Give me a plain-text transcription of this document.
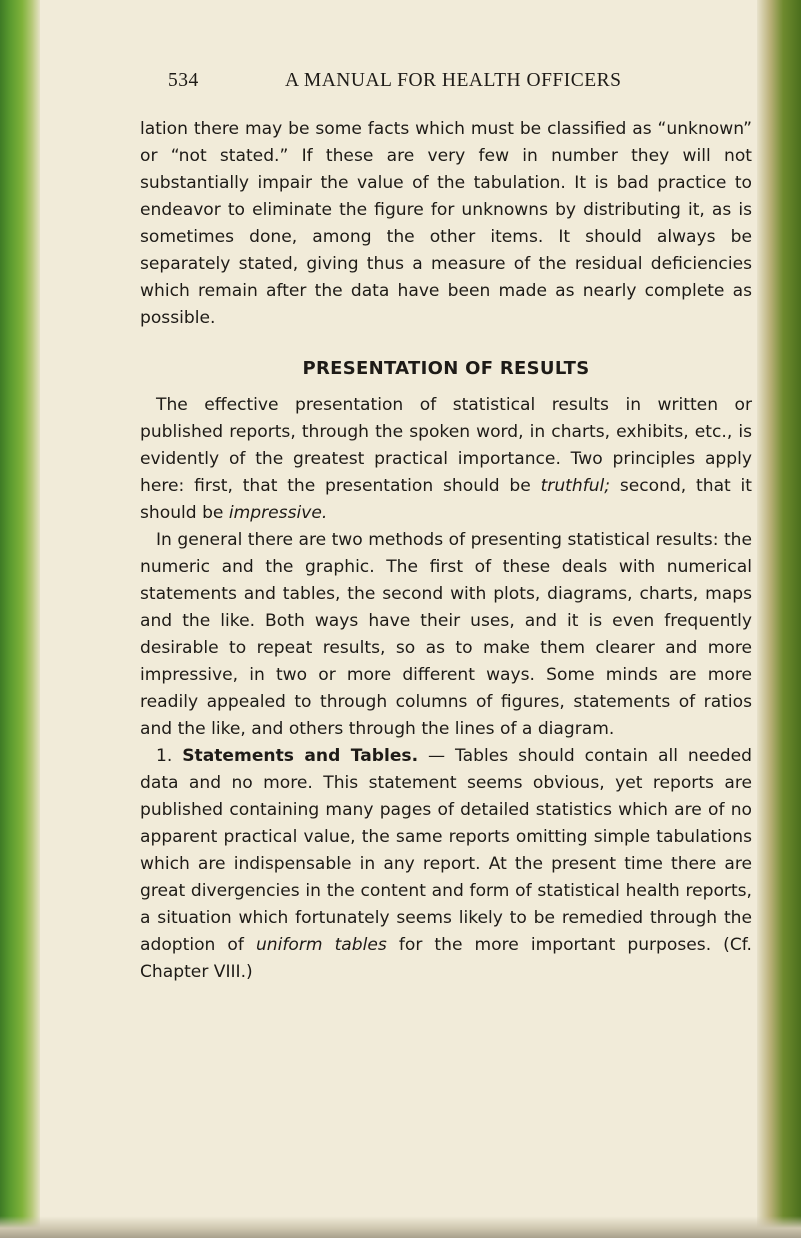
534	A MANUAL FOR HEALTH OFFICERS

lation there may be some facts which must be classified as “unknown” or “not stated.” If these are very few in number they will not substantially impair the value of the tabulation. It is bad practice to endeavor to eliminate the figure for unknowns by distributing it, as is sometimes done, among the other items. It should always be separately stated, giving thus a measure of the residual deficiencies which remain after the data have been made as nearly complete as possible.

PRESENTATION OF RESULTS

The effective presentation of statistical results in written or published reports, through the spoken word, in charts, exhibits, etc., is evidently of the greatest practical importance. Two principles apply here: first, that the presentation should be truthful; second, that it should be impressive.

In general there are two methods of presenting statistical results: the numeric and the graphic. The first of these deals with numerical statements and tables, the second with plots, diagrams, charts, maps and the like. Both ways have their uses, and it is even frequently desirable to repeat results, so as to make them clearer and more impressive, in two or more different ways. Some minds are more readily appealed to through columns of figures, statements of ratios and the like, and others through the lines of a diagram.

1. Statements and Tables. — Tables should contain all needed data and no more. This statement seems obvious, yet reports are published containing many pages of detailed statistics which are of no apparent practical value, the same reports omitting simple tabulations which are indispensable in any report. At the present time there are great divergencies in the content and form of statistical health reports, a situation which fortunately seems likely to be remedied through the adoption of uniform tables for the more important purposes. (Cf. Chapter VIII.)
